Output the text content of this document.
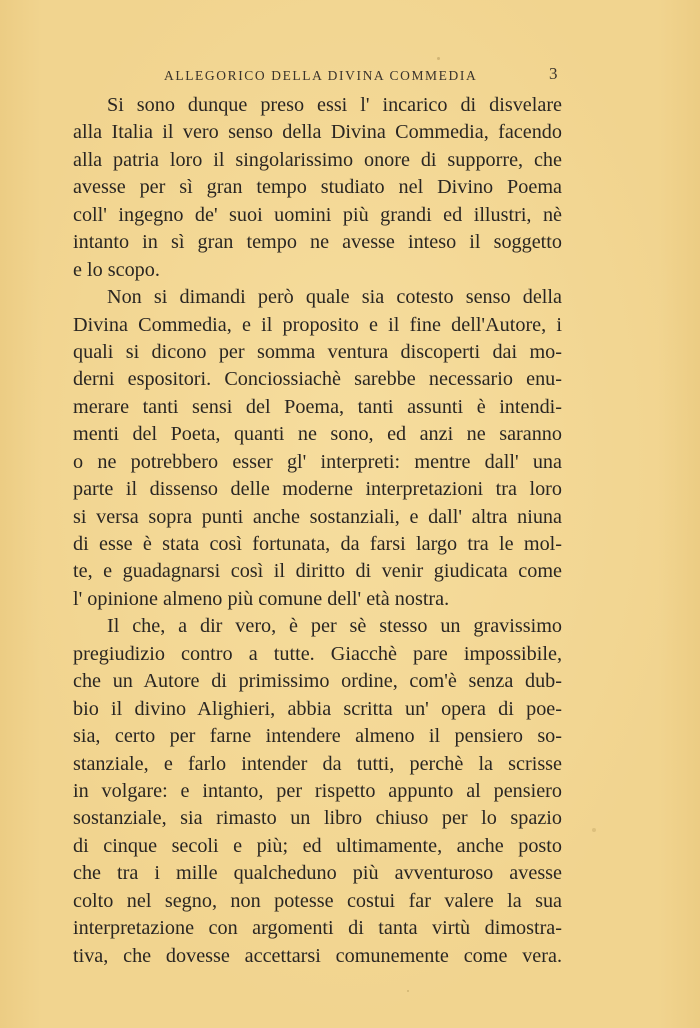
ALLEGORICO DELLA DIVINA COMMEDIA	3
Si sono dunque preso essi l' incarico di disvelare
alla Italia il vero senso della Divina Commedia, facendo
alla patria loro il singolarissimo onore di supporre, che
avesse per sì gran tempo studiato nel Divino Poema
coll' ingegno de' suoi uomini più grandi ed illustri, nè
intanto in sì gran tempo ne avesse inteso il soggetto
e lo scopo.
Non si dimandi però quale sia cotesto senso della
Divina Commedia, e il proposito e il fine dell'Autore, i
quali si dicono per somma ventura discoperti dai mo-
derni espositori. Conciossiachè sarebbe necessario enu-
merare tanti sensi del Poema, tanti assunti è intendi-
menti del Poeta, quanti ne sono, ed anzi ne saranno
o ne potrebbero esser gl' interpreti: mentre dall' una
parte il dissenso delle moderne interpretazioni tra loro
si versa sopra punti anche sostanziali, e dall' altra niuna
di esse è stata così fortunata, da farsi largo tra le mol-
te, e guadagnarsi così il diritto di venir giudicata come
l' opinione almeno più comune dell' età nostra.
Il che, a dir vero, è per sè stesso un gravissimo
pregiudizio contro a tutte. Giacchè pare impossibile,
che un Autore di primissimo ordine, com'è senza dub-
bio il divino Alighieri, abbia scritta un' opera di poe-
sia, certo per farne intendere almeno il pensiero so-
stanziale, e farlo intender da tutti, perchè la scrisse
in volgare: e intanto, per rispetto appunto al pensiero
sostanziale, sia rimasto un libro chiuso per lo spazio
di cinque secoli e più; ed ultimamente, anche posto
che tra i mille qualcheduno più avventuroso avesse
colto nel segno, non potesse costui far valere la sua
interpretazione con argomenti di tanta virtù dimostra-
tiva, che dovesse accettarsi comunemente come vera.
